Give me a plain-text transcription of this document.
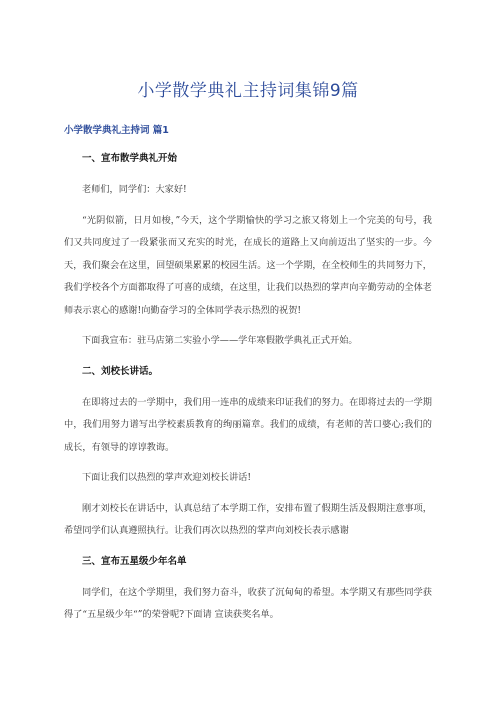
小学散学典礼主持词集锦9篇
小学散学典礼主持词 篇1
一、宣布散学典礼开始

老师们，同学们：大家好!

“光阴似箭，日月如梭，”今天，这个学期愉快的学习之旅又将划上一个完美的句号，我们又共同度过了一段紧张而又充实的时光，在成长的道路上又向前迈出了坚实的一步。今天，我们聚会在这里，回望硕果累累的校园生活。这一个学期，在全校师生的共同努力下，我们学校各个方面都取得了可喜的成绩，在这里，让我们以热烈的掌声向辛勤劳动的全体老师表示衷心的感谢!向勤奋学习的全体同学表示热烈的祝贺!

下面我宣布：驻马店第二实验小学——学年寒假散学典礼正式开始。

二、刘校长讲话。

在即将过去的一学期中，我们用一连串的成绩来印证我们的努力。在即将过去的一学期中，我们用努力谱写出学校素质教育的绚丽篇章。我们的成绩，有老师的苦口婆心;我们的成长，有领导的谆谆教诲。

下面让我们以热烈的掌声欢迎刘校长讲话!

刚才刘校长在讲话中，认真总结了本学期工作，安排布置了假期生活及假期注意事项，希望同学们认真遵照执行。让我们再次以热烈的掌声向刘校长表示感谢

三、宣布五星级少年名单

同学们，在这个学期里，我们努力奋斗，收获了沉甸甸的希望。本学期又有那些同学获得了“五星级少年“”的荣誉呢?下面请 宣读获奖名单。
